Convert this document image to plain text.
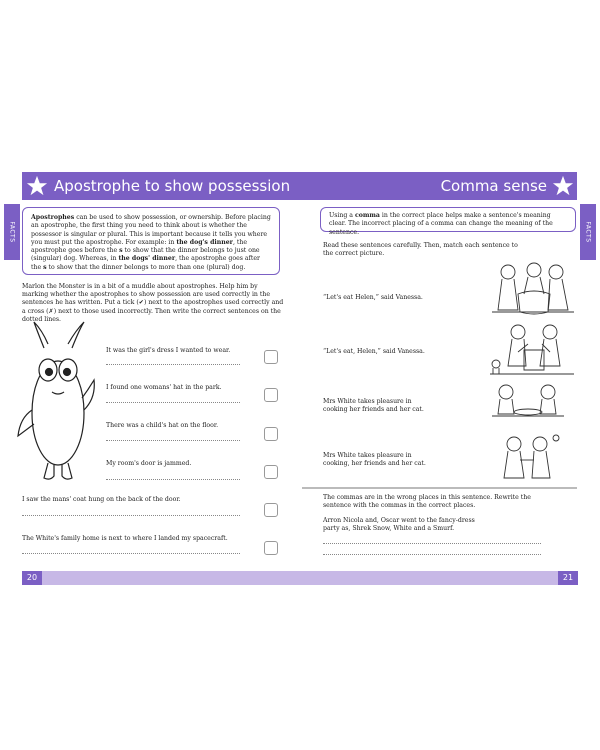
Apostrophe to show possession
FACTS
Apostrophes can be used to show possession, or ownership. Before placing an apostrophe, the first thing you need to think about is whether the possessor is singular or plural. This is important because it tells you where you must put the apostrophe. For example: in the dog's dinner, the apostrophe goes before the s to show that the dinner belongs to just one (singular) dog. Whereas, in the dogs' dinner, the apostrophe goes after the s to show that the dinner belongs to more than one (plural) dog.
Marlon the Monster is in a bit of a muddle about apostrophes. Help him by marking whether the apostrophes to show possession are used correctly in the sentences he has written. Put a tick (✔) next to the apostrophes used correctly and a cross (✗) next to those used incorrectly. Then write the correct sentences on the dotted lines.
It was the girl's dress I wanted to wear.
I found one womans' hat in the park.
There was a child's hat on the floor.
My room's door is jammed.
I saw the mans' coat hung on the back of the door.
The White's family home is next to where I landed my spacecraft.
Comma sense
FACTS
Using a comma in the correct place helps make a sentence's meaning clear. The incorrect placing of a comma can change the meaning of the sentence.
Read these sentences carefully. Then, match each sentence to the correct picture.
“Let's eat Helen,” said Vanessa.
“Let's eat, Helen,” said Vanessa.
Mrs White takes pleasure in cooking her friends and her cat.
Mrs White takes pleasure in cooking, her friends and her cat.
The commas are in the wrong places in this sentence. Rewrite the sentence with the commas in the correct places.
Arron Nicola and, Oscar went to the fancy-dress party as, Shrek Snow, White and a Smurf.
20	21
